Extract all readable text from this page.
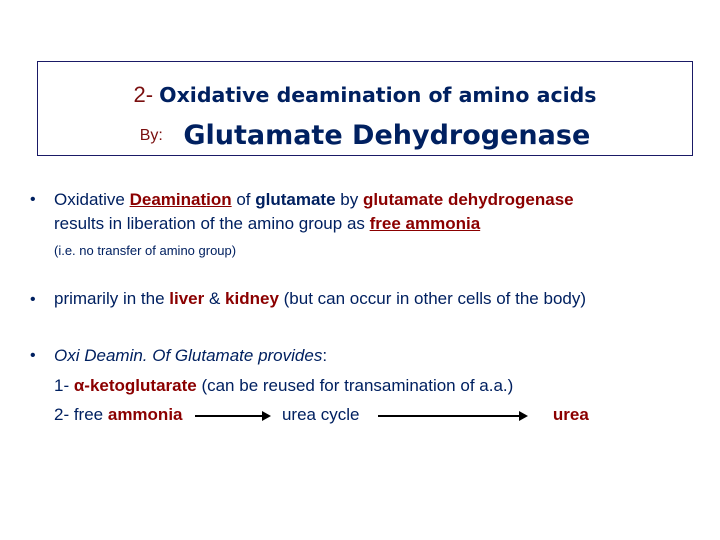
2- Oxidative deamination of amino acids
By: Glutamate Dehydrogenase
• Oxidative Deamination of glutamate by glutamate dehydrogenase
results in liberation of the amino group as free ammonia
(i.e. no transfer of amino group)
• primarily in the liver & kidney (but can occur in other cells of the body)
• Oxi Deamin. Of Glutamate provides:
1- α-ketoglutarate (can be reused for transamination of a.a.)
2- free ammonia	urea cycle	urea
